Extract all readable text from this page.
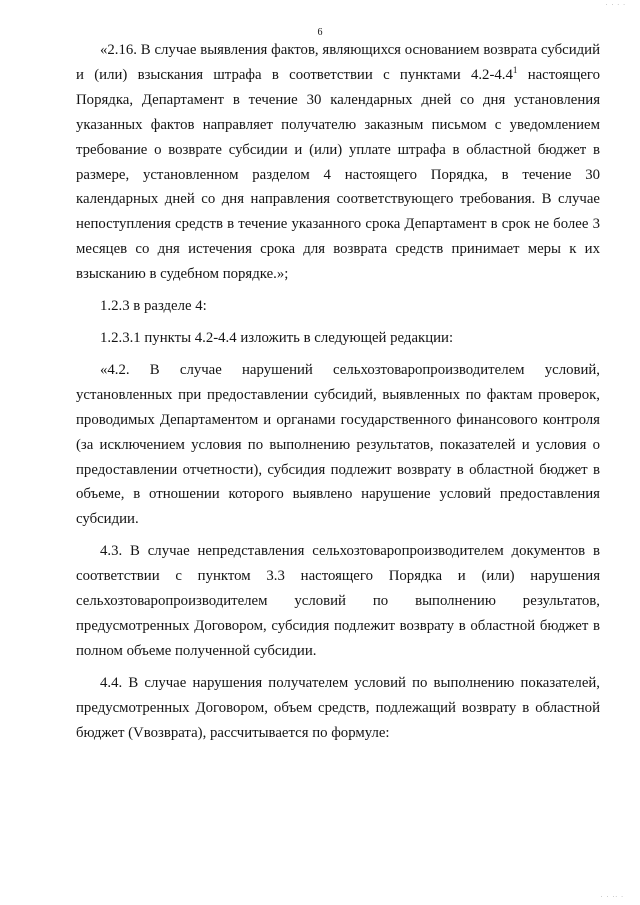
· · · ·
6

«2.16. В случае выявления фактов, являющихся основанием возврата субсидий и (или) взыскания штрафа в соответствии с пунктами $4.2-4.4^1$ настоящего Порядка, Департамент в течение 30 календарных дней со дня установления указанных фактов направляет получателю заказным письмом с уведомлением требование о возврате субсидии и (или) уплате штрафа в областной бюджет в размере, установленном разделом 4 настоящего Порядка, в течение 30 календарных дней со дня направления соответствующего требования. В случае непоступления средств в течение указанного срока Департамент в срок не более 3 месяцев со дня истечения срока для возврата средств принимает меры к их взысканию в судебном порядке.»;

1.2.3 в разделе 4:

1.2.3.1 пункты 4.2-4.4 изложить в следующей редакции:

«4.2. В случае нарушений сельхозтоваропроизводителем условий, установленных при предоставлении субсидий, выявленных по фактам проверок, проводимых Департаментом и органами государственного финансового контроля (за исключением условия по выполнению результатов, показателей и условия о предоставлении отчетности), субсидия подлежит возврату в областной бюджет в объеме, в отношении которого выявлено нарушение условий предоставления субсидии.

4.3. В случае непредставления сельхозтоваропроизводителем документов в соответствии с пунктом 3.3 настоящего Порядка и (или) нарушения сельхозтоваропроизводителем условий по выполнению результатов, предусмотренных Договором, субсидия подлежит возврату в областной бюджет в полном объеме полученной субсидии.

4.4. В случае нарушения получателем условий по выполнению показателей, предусмотренных Договором, объем средств, подлежащий возврату в областной бюджет (Vвозврата), рассчитывается по формуле:

· · ·· ·
